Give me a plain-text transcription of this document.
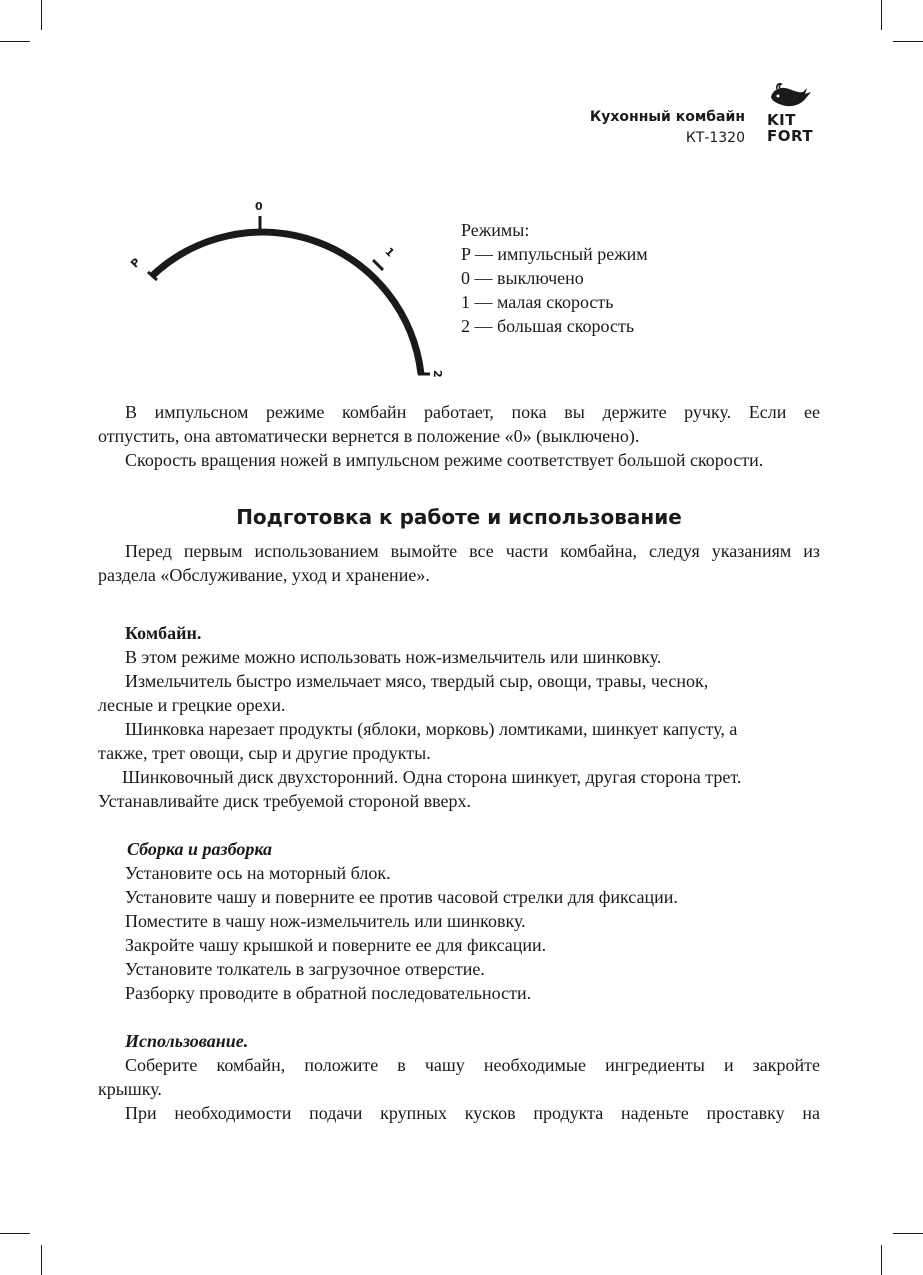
Кухонный комбайн
КТ-1320
KIT
FORT
P
0
1
2
Режимы:
P — импульсный режим
0 — выключено
1 — малая скорость
2 — большая скорость

В импульсном режиме комбайн работает, пока вы держите ручку. Если ее

отпустить, она автоматически вернется в положение «0» (выключено).

Скорость вращения ножей в импульсном режиме соответствует большой скорости.

Подготовка к работе и использование

Перед первым использованием вымойте все части комбайна, следуя указаниям из

раздела «Обслуживание, уход и хранение».

Комбайн.

В этом режиме можно использовать нож-измельчитель или шинковку.

Измельчитель быстро измельчает мясо, твердый сыр, овощи, травы, чеснок,

лесные и грецкие орехи.

Шинковка нарезает продукты (яблоки, морковь) ломтиками, шинкует капусту, а

также, трет овощи, сыр и другие продукты.

Шинковочный диск двухсторонний. Одна сторона шинкует, другая сторона трет.

Устанавливайте диск требуемой стороной вверх.

Сборка и разборка

Установите ось на моторный блок.

Установите чашу и поверните ее против часовой стрелки для фиксации.

Поместите в чашу нож-измельчитель или шинковку.

Закройте чашу крышкой и поверните ее для фиксации.

Установите толкатель в загрузочное отверстие.

Разборку проводите в обратной последовательности.

Использование.

Соберите комбайн, положите в чашу необходимые ингредиенты и закройте

крышку.

При необходимости подачи крупных кусков продукта наденьте проставку на
